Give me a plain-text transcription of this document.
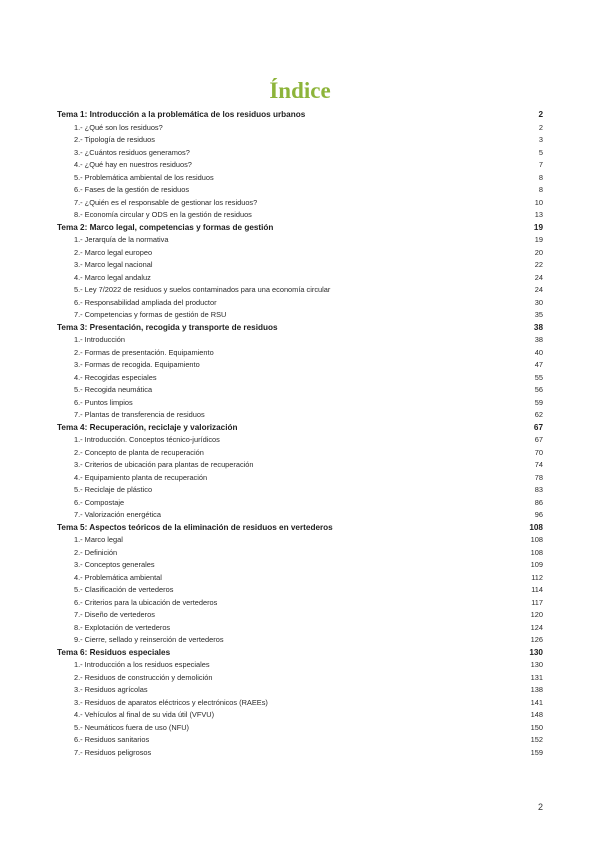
Índice
Tema 1: Introducción a la problemática de los residuos urbanos	2
1.- ¿Qué son los residuos?	2
2.- Tipología de residuos	3
3.- ¿Cuántos residuos generamos?	5
4.- ¿Qué hay en nuestros residuos?	7
5.- Problemática ambiental de los residuos	8
6.- Fases de la gestión de residuos	8
7.- ¿Quién es el responsable de gestionar los residuos?	10
8.- Economía circular y ODS en la gestión de residuos	13
Tema 2: Marco legal, competencias y formas de gestión	19
1.- Jerarquía de la normativa	19
2.- Marco legal europeo	20
3.- Marco legal nacional	22
4.- Marco legal andaluz	24
5.- Ley 7/2022 de residuos y suelos contaminados para una economía circular	24
6.- Responsabilidad ampliada del productor	30
7.- Competencias y formas de gestión de RSU	35
Tema 3: Presentación, recogida y transporte de residuos	38
1.- Introducción	38
2.- Formas de presentación. Equipamiento	40
3.- Formas de recogida. Equipamiento	47
4.- Recogidas especiales	55
5.- Recogida neumática	56
6.- Puntos limpios	59
7.- Plantas de transferencia de residuos	62
Tema 4: Recuperación, reciclaje y valorización	67
1.- Introducción. Conceptos técnico-jurídicos	67
2.- Concepto de planta de recuperación	70
3.- Criterios de ubicación para plantas de recuperación	74
4.- Equipamiento planta de recuperación	78
5.- Reciclaje de plástico	83
6.- Compostaje	86
7.- Valorización energética	96
Tema 5: Aspectos teóricos de la eliminación de residuos en vertederos	108
1.- Marco legal	108
2.- Definición	108
3.- Conceptos generales	109
4.- Problemática ambiental	112
5.- Clasificación de vertederos	114
6.- Criterios para la ubicación de vertederos	117
7.- Diseño de vertederos	120
8.- Explotación de vertederos	124
9.- Cierre, sellado y reinserción de vertederos	126
Tema 6: Residuos especiales	130
1.- Introducción a los residuos especiales	130
2.- Residuos de construcción y demolición	131
3.- Residuos agrícolas	138
3.- Residuos de aparatos eléctricos y electrónicos (RAEEs)	141
4.- Vehículos al final de su vida útil (VFVU)	148
5.- Neumáticos fuera de uso (NFU)	150
6.- Residuos sanitarios	152
7.- Residuos peligrosos	159
2
